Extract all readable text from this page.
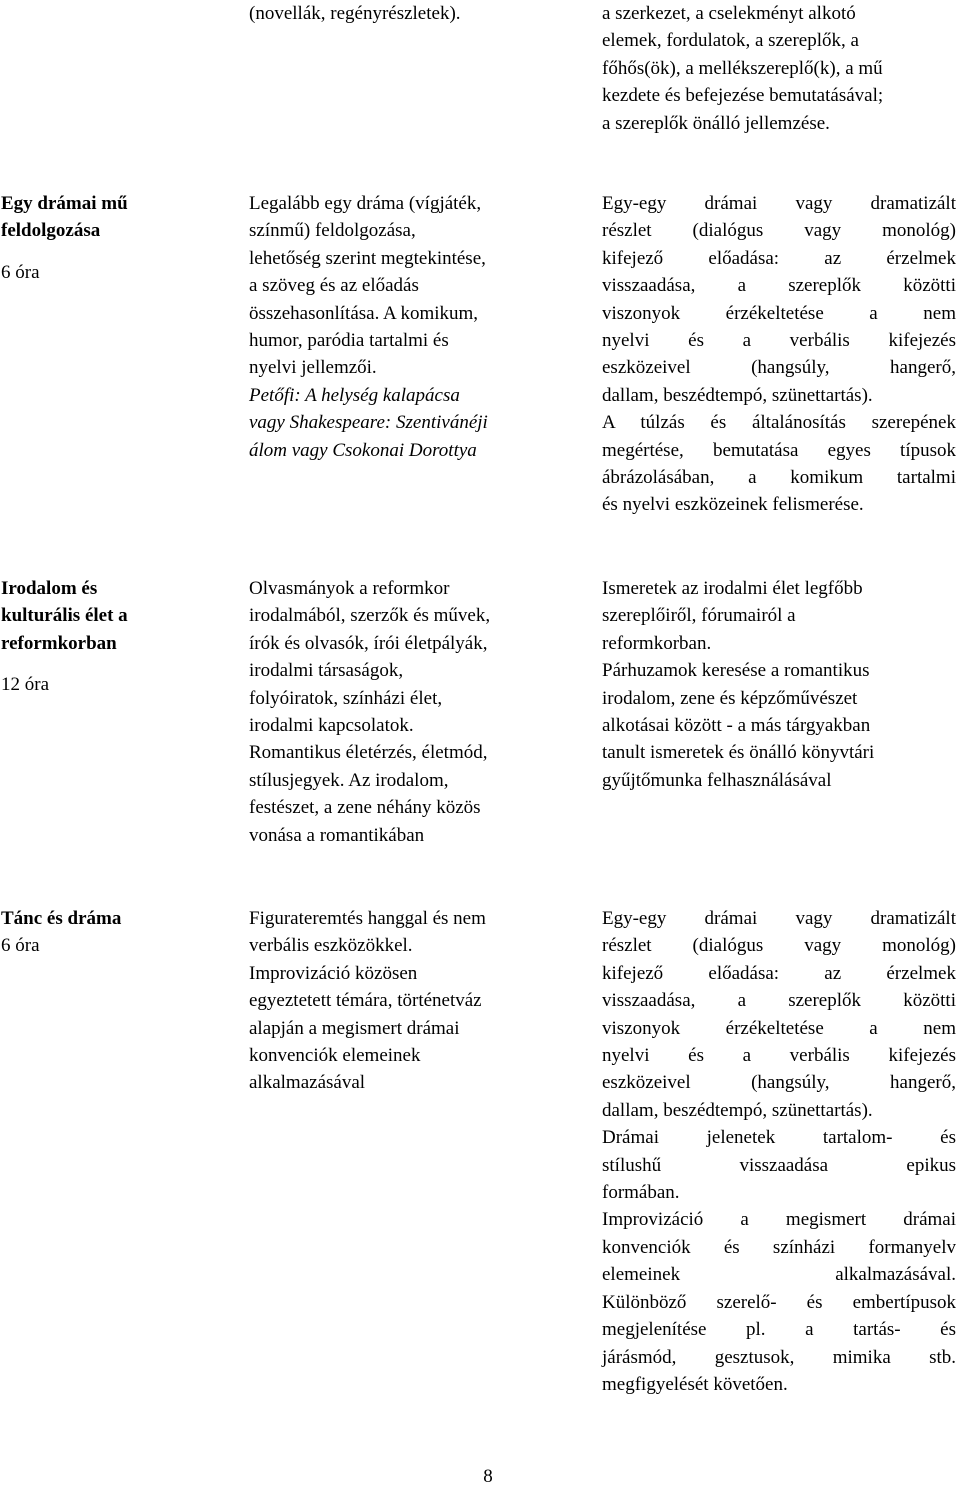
(novellák, regényrészletek).	a szerkezet, a cselekményt alkotó
elemek, fordulatok, a szereplők, a
főhős(ök), a mellékszereplő(k), a mű
kezdete és befejezése bemutatásával;
a szereplők önálló jellemzése.
Egy drámai mű
feldolgozása
6 óra
Legalább egy dráma (vígjáték,
színmű) feldolgozása,
lehetőség szerint megtekintése,
a szöveg és az előadás
összehasonlítása. A komikum,
humor, paródia tartalmi és
nyelvi jellemzői.
Petőfi: A helység kalapácsa
vagy Shakespeare: Szentivánéji
álom vagy Csokonai Dorottya
Egy-egy drámai vagy dramatizált
részlet (dialógus vagy monológ)
kifejező előadása: az érzelmek
visszaadása, a szereplők közötti
viszonyok érzékeltetése a nem
nyelvi és a verbális kifejezés
eszközeivel (hangsúly, hangerő,
dallam, beszédtempó, szünettartás).
A túlzás és általánosítás szerepének
megértése, bemutatása egyes típusok
ábrázolásában, a komikum tartalmi
és nyelvi eszközeinek felismerése.
Irodalom és
kulturális élet a
reformkorban
12 óra
Olvasmányok a reformkor
irodalmából, szerzők és művek,
írók és olvasók, írói életpályák,
irodalmi társaságok,
folyóiratok, színházi élet,
irodalmi kapcsolatok.
Romantikus életérzés, életmód,
stílusjegyek. Az irodalom,
festészet, a zene néhány közös
vonása a romantikában
Ismeretek az irodalmi élet legfőbb
szereplőiről, fórumairól a
reformkorban.
Párhuzamok keresése a romantikus
irodalom, zene és képzőművészet
alkotásai között - a más tárgyakban
tanult ismeretek és önálló könyvtári
gyűjtőmunka felhasználásával
Tánc és dráma
6 óra
Figurateremtés hanggal és nem
verbális eszközökkel.
Improvizáció közösen
egyeztetett témára, történetváz
alapján a megismert drámai
konvenciók elemeinek
alkalmazásával
Egy-egy drámai vagy dramatizált
részlet (dialógus vagy monológ)
kifejező előadása: az érzelmek
visszaadása, a szereplők közötti
viszonyok érzékeltetése a nem
nyelvi és a verbális kifejezés
eszközeivel (hangsúly, hangerő,
dallam, beszédtempó, szünettartás).
Drámai jelenetek tartalom- és
stílushű visszaadása epikus
formában.
Improvizáció a megismert drámai
konvenciók és színházi formanyelv
elemeinek alkalmazásával.
Különböző szerelő- és embertípusok
megjelenítése pl. a tartás- és
járásmód, gesztusok, mimika stb.
megfigyelését követően.
8
